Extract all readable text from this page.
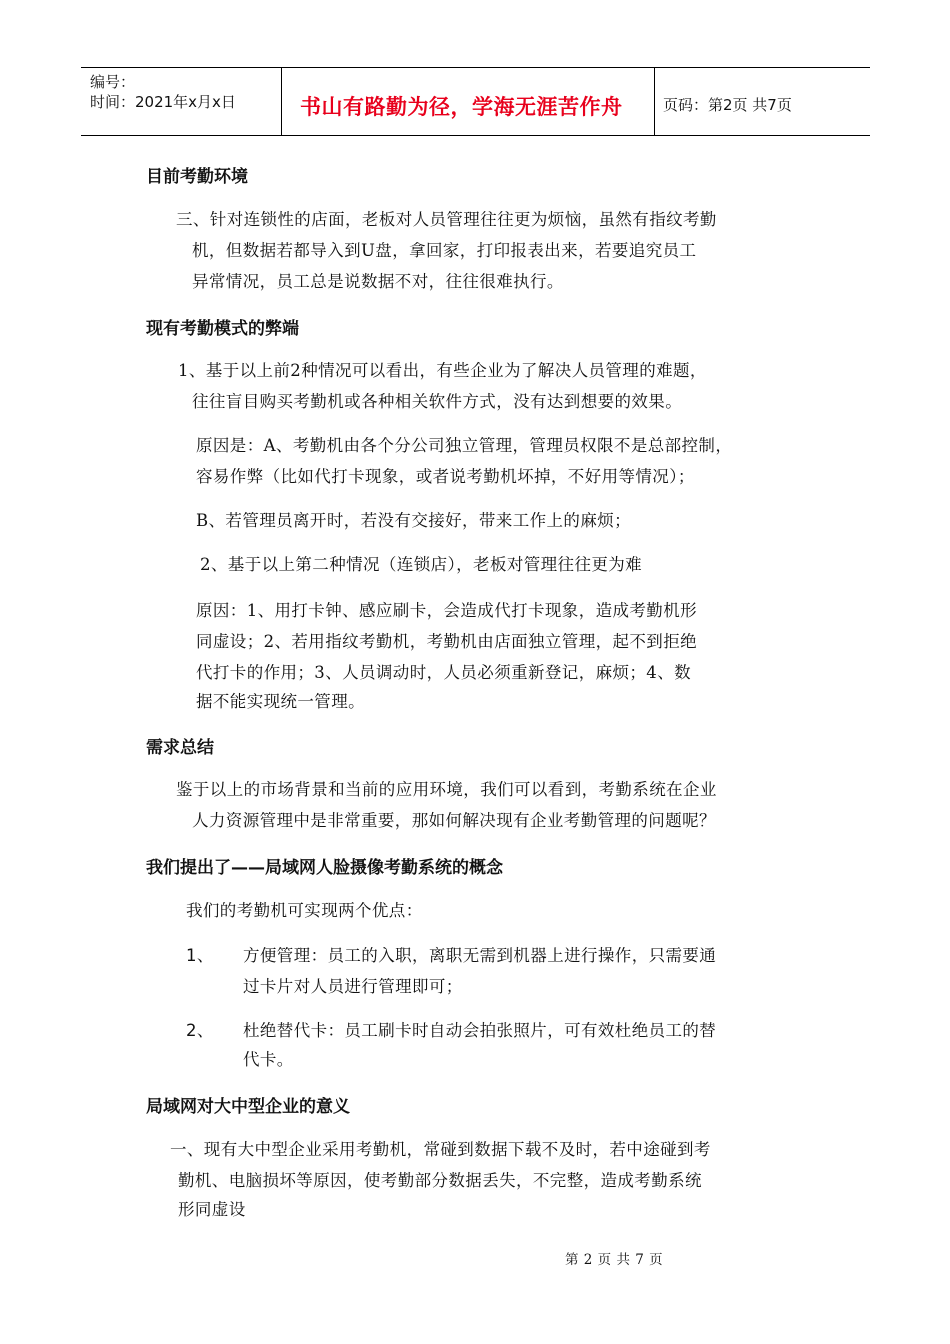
编号：
时间：2021年x月x日	书山有路勤为径，学海无涯苦作舟	页码：第2页 共7页
目前考勤环境
三、针对连锁性的店面，老板对人员管理往往更为烦恼，虽然有指纹考勤
机，但数据若都导入到U盘，拿回家，打印报表出来，若要追究员工
异常情况，员工总是说数据不对，往往很难执行。
现有考勤模式的弊端
1、基于以上前2种情况可以看出，有些企业为了解决人员管理的难题，
往往盲目购买考勤机或各种相关软件方式，没有达到想要的效果。
原因是：A、考勤机由各个分公司独立管理，管理员权限不是总部控制，
容易作弊（比如代打卡现象，或者说考勤机坏掉，不好用等情况）；
B、若管理员离开时，若没有交接好，带来工作上的麻烦；
2、基于以上第二种情况（连锁店），老板对管理往往更为难
原因：1、用打卡钟、感应刷卡，会造成代打卡现象，造成考勤机形
同虚设；2、若用指纹考勤机，考勤机由店面独立管理，起不到拒绝
代打卡的作用；3、人员调动时，人员必须重新登记，麻烦；4、数
据不能实现统一管理。
需求总结
鉴于以上的市场背景和当前的应用环境，我们可以看到，考勤系统在企业
人力资源管理中是非常重要，那如何解决现有企业考勤管理的问题呢？
我们提出了——局域网人脸摄像考勤系统的概念
我们的考勤机可实现两个优点：
1、 方便管理：员工的入职，离职无需到机器上进行操作，只需要通
过卡片对人员进行管理即可；
2、 杜绝替代卡：员工刷卡时自动会拍张照片，可有效杜绝员工的替
代卡。
局域网对大中型企业的意义
一、现有大中型企业采用考勤机，常碰到数据下载不及时，若中途碰到考
勤机、电脑损坏等原因，使考勤部分数据丢失，不完整，造成考勤系统
形同虚设
第 2 页 共 7 页
